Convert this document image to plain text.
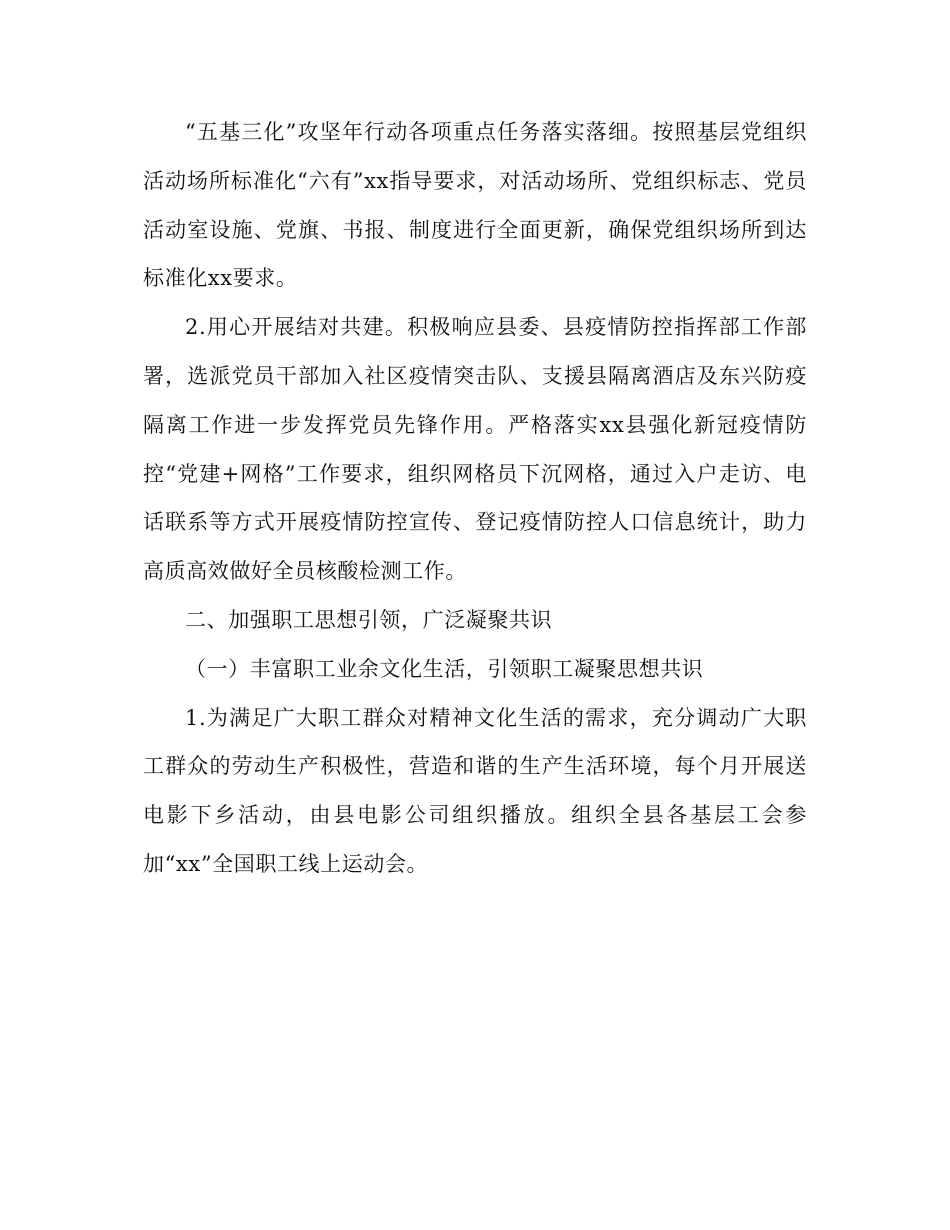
“五基三化”攻坚年行动各项重点任务落实落细。按照基层党组织活动场所标准化“六有”xx指导要求，对活动场所、党组织标志、党员活动室设施、党旗、书报、制度进行全面更新，确保党组织场所到达标准化xx要求。

2.用心开展结对共建。积极响应县委、县疫情防控指挥部工作部署，选派党员干部加入社区疫情突击队、支援县隔离酒店及东兴防疫隔离工作进一步发挥党员先锋作用。严格落实xx县强化新冠疫情防控“党建+网格”工作要求，组织网格员下沉网格，通过入户走访、电话联系等方式开展疫情防控宣传、登记疫情防控人口信息统计，助力高质高效做好全员核酸检测工作。

二、加强职工思想引领，广泛凝聚共识

（一）丰富职工业余文化生活，引领职工凝聚思想共识

1.为满足广大职工群众对精神文化生活的需求，充分调动广大职工群众的劳动生产积极性，营造和谐的生产生活环境，每个月开展送电影下乡活动，由县电影公司组织播放。组织全县各基层工会参加“xx”全国职工线上运动会。
